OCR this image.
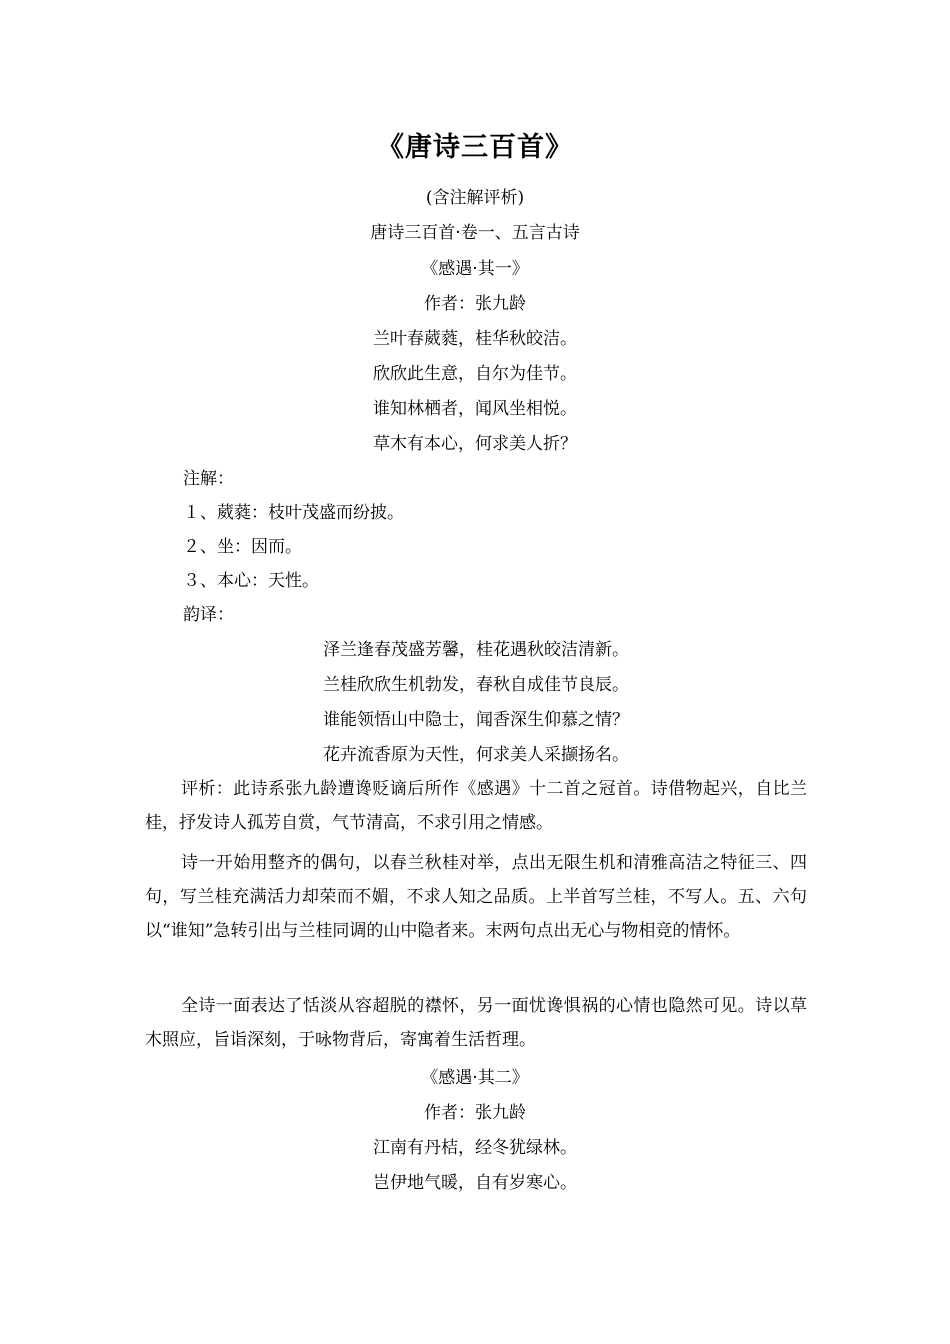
《唐诗三百首》
(含注解评析)
唐诗三百首·卷一、五言古诗
《感遇·其一》
作者：张九龄
兰叶春葳蕤，桂华秋皎洁。
欣欣此生意，自尔为佳节。
谁知林栖者，闻风坐相悦。
草木有本心，何求美人折？
注解：
１、葳蕤：枝叶茂盛而纷披。
２、坐：因而。
３、本心：天性。
韵译：
泽兰逢春茂盛芳馨，桂花遇秋皎洁清新。
兰桂欣欣生机勃发，春秋自成佳节良辰。
谁能领悟山中隐士，闻香深生仰慕之情？
花卉流香原为天性，何求美人采撷扬名。
评析：此诗系张九龄遭谗贬谪后所作《感遇》十二首之冠首。诗借物起兴，自比兰桂，抒发诗人孤芳自赏，气节清高，不求引用之情感。
诗一开始用整齐的偶句，以春兰秋桂对举，点出无限生机和清雅高洁之特征三、四句，写兰桂充满活力却荣而不媚，不求人知之品质。上半首写兰桂，不写人。五、六句以“谁知”急转引出与兰桂同调的山中隐者来。末两句点出无心与物相竞的情怀。
全诗一面表达了恬淡从容超脱的襟怀，另一面忧谗惧祸的心情也隐然可见。诗以草木照应，旨诣深刻，于咏物背后，寄寓着生活哲理。
《感遇·其二》
作者：张九龄
江南有丹桔，经冬犹绿林。
岂伊地气暖，自有岁寒心。
